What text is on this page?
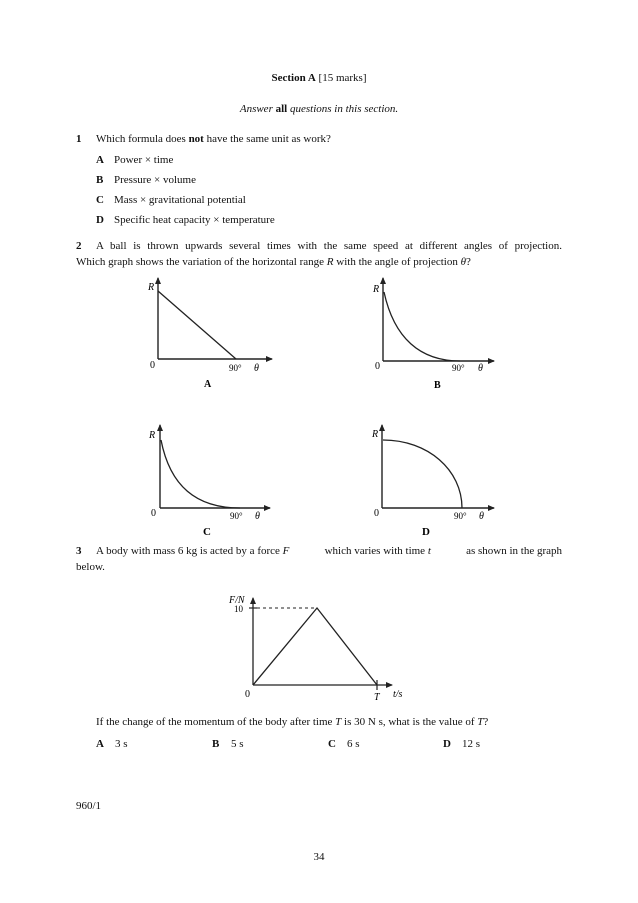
Section A [15 marks]
Answer all questions in this section.
1 Which formula does not have the same unit as work?
A Power × time
B Pressure × volume
C Mass × gravitational potential
D Specific heat capacity × temperature
2 A ball is thrown upwards several times with the same speed at different angles of projection.
Which graph shows the variation of the horizontal range R with the angle of projection θ?
R
0	90° θ
A
R
0	90° θ
B
R
0	90° θ
C
R
0	90° θ
D
F/N
10
0	T t/s
3 A body with mass 6 kg is acted by a force F	which varies with time t	as shown in the graph
below.
If the change of the momentum of the body after time T is 30 N s, what is the value of T?
A 3 s	B 5 s	C 6 s	D 12 s
960/1
34
